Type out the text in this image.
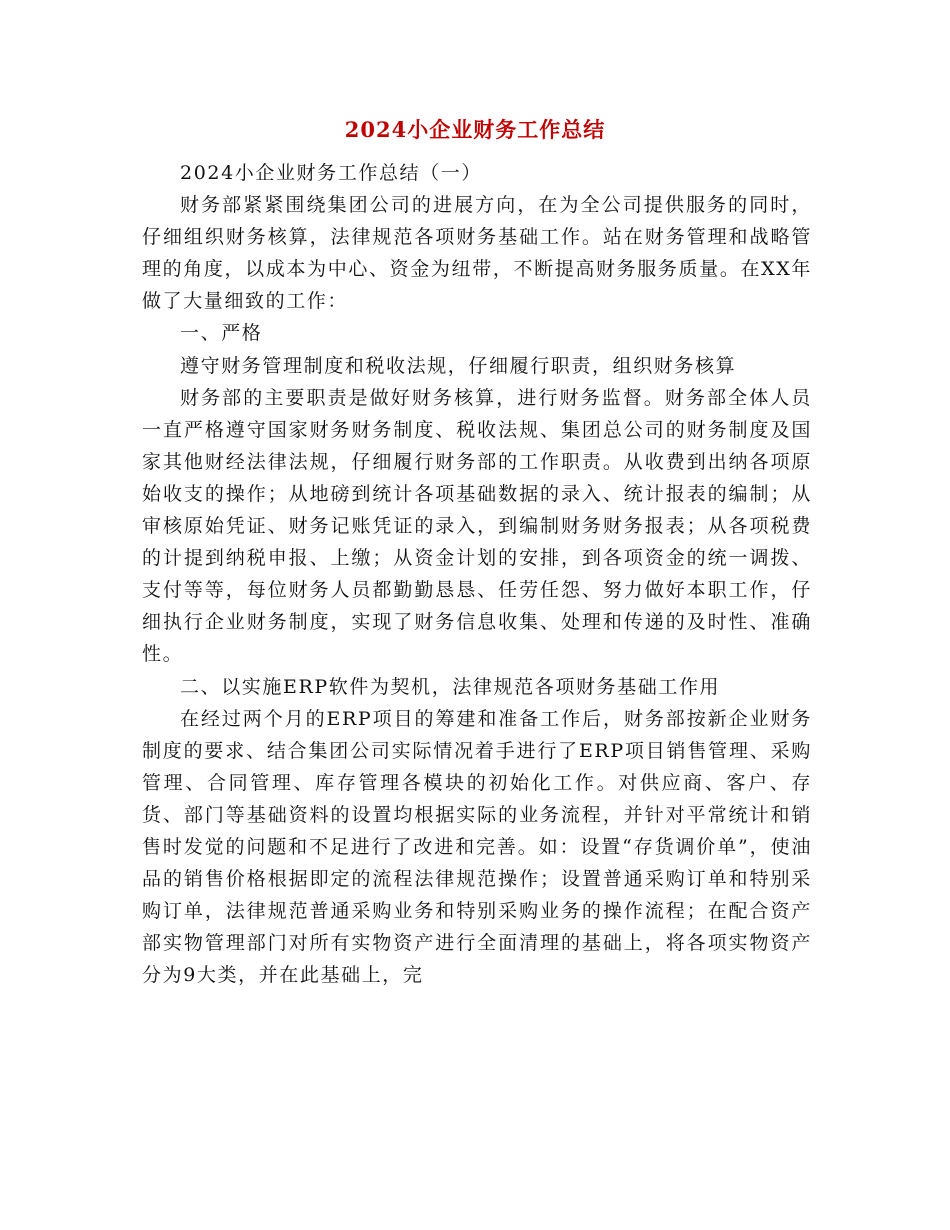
2024小企业财务工作总结

2024小企业财务工作总结（一）

财务部紧紧围绕集团公司的进展方向，在为全公司提供服务的同时，仔细组织财务核算，法律规范各项财务基础工作。站在财务管理和战略管理的角度，以成本为中心、资金为纽带，不断提高财务服务质量。在XX年做了大量细致的工作：

一、严格

遵守财务管理制度和税收法规，仔细履行职责，组织财务核算

财务部的主要职责是做好财务核算，进行财务监督。财务部全体人员一直严格遵守国家财务财务制度、税收法规、集团总公司的财务制度及国家其他财经法律法规，仔细履行财务部的工作职责。从收费到出纳各项原始收支的操作；从地磅到统计各项基础数据的录入、统计报表的编制；从审核原始凭证、财务记账凭证的录入，到编制财务财务报表；从各项税费的计提到纳税申报、上缴；从资金计划的安排，到各项资金的统一调拨、支付等等，每位财务人员都勤勤恳恳、任劳任怨、努力做好本职工作，仔细执行企业财务制度，实现了财务信息收集、处理和传递的及时性、准确性。

二、以实施ERP软件为契机，法律规范各项财务基础工作用

在经过两个月的ERP项目的筹建和准备工作后，财务部按新企业财务制度的要求、结合集团公司实际情况着手进行了ERP项目销售管理、采购管理、合同管理、库存管理各模块的初始化工作。对供应商、客户、存货、部门等基础资料的设置均根据实际的业务流程，并针对平常统计和销售时发觉的问题和不足进行了改进和完善。如：设置“存货调价单”，使油品的销售价格根据即定的流程法律规范操作；设置普通采购订单和特别采购订单，法律规范普通采购业务和特别采购业务的操作流程；在配合资产部实物管理部门对所有实物资产进行全面清理的基础上，将各项实物资产分为9大类，并在此基础上，完
